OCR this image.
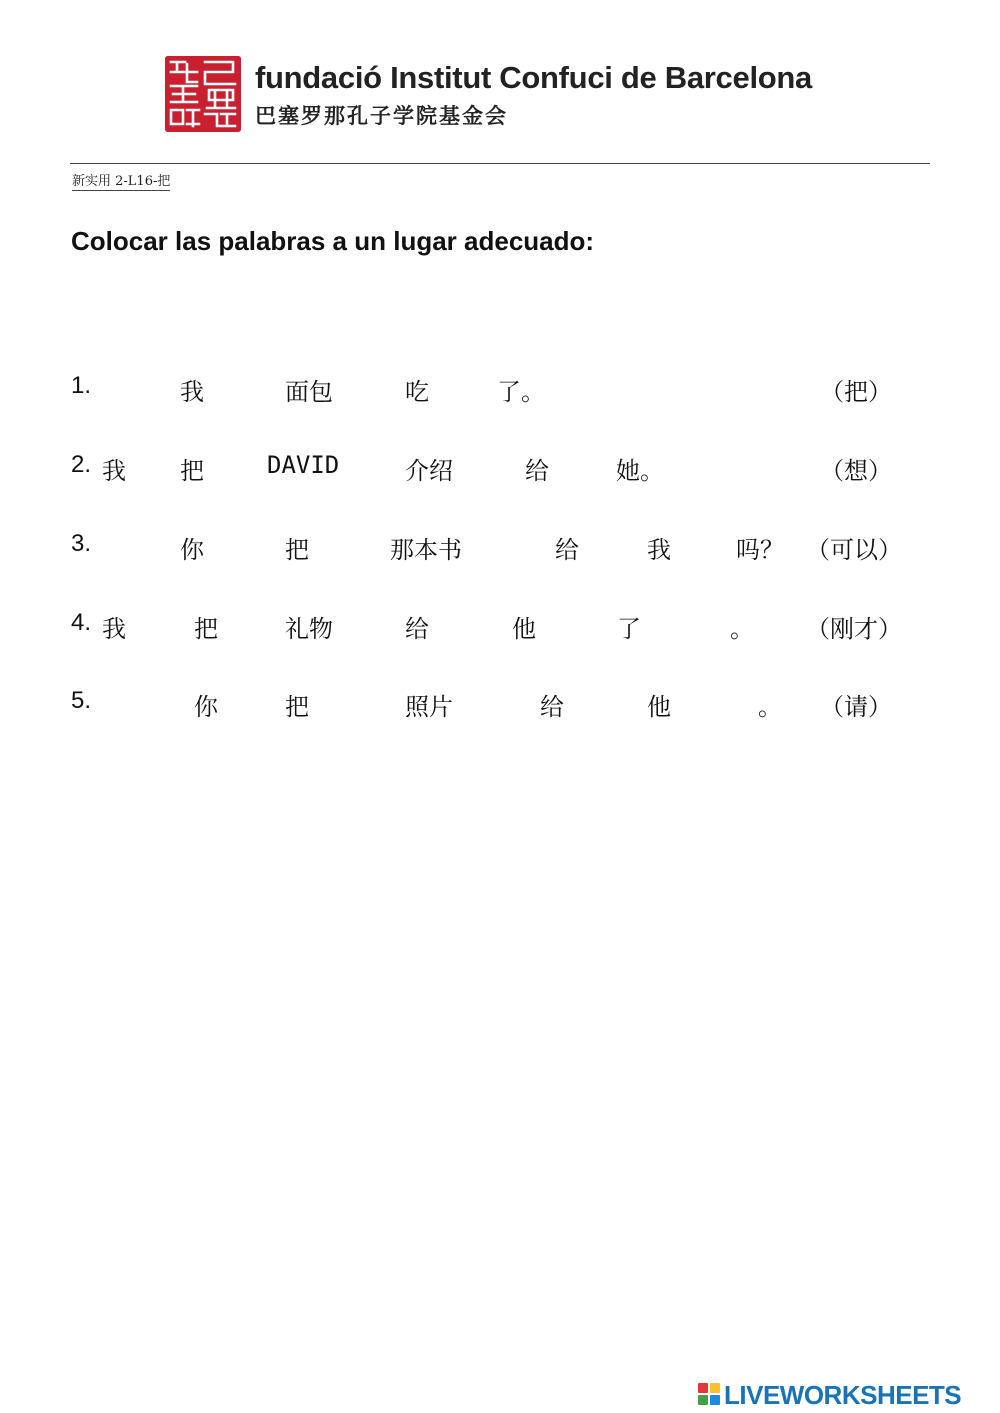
fundació Institut Confuci de Barcelona
巴塞罗那孔子学院基金会
新实用 2-L16-把
Colocar las palabras a un lugar adecuado:
1.	我	面包	吃	了。	（把）
2. 我 把	DAVID	介绍	给	她。	（想）
3.	你	把	那本书	给	我	吗？ （可以）
4. 我	把	礼物	给	他	了	。 （刚才）
5.	你	把	照片	给	他	。 （请）
LIVEWORKSHEETS
